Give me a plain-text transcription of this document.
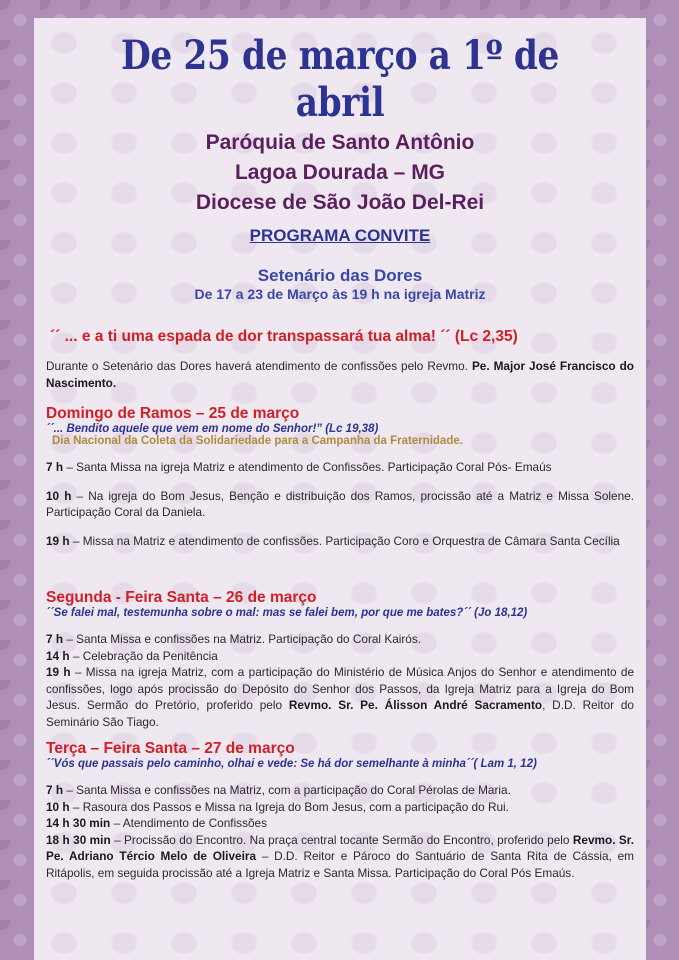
De 25 de março a 1º de abril
Paróquia de Santo Antônio
Lagoa Dourada – MG
Diocese de São João Del-Rei
PROGRAMA CONVITE
Setenário das Dores
De 17 a 23 de Março às 19 h na igreja Matriz
´´ ... e a ti uma espada de dor transpassará tua alma! ´´ (Lc 2,35)

Durante o Setenário das Dores haverá atendimento de confissões pelo Revmo. Pe. Major José Francisco do Nascimento.

Domingo de Ramos – 25 de março
´´... Bendito aquele que vem em nome do Senhor!” (Lc 19,38)
Dia Nacional da Coleta da Solidariedade para a Campanha da Fraternidade.

7 h – Santa Missa na igreja Matriz e atendimento de Confissões. Participação Coral Pós- Emaús

10 h – Na igreja do Bom Jesus, Benção e distribuição dos Ramos, procissão até a Matriz e Missa Solene. Participação Coral da Daniela.

19 h – Missa na Matriz e atendimento de confissões. Participação Coro e Orquestra de Câmara Santa Cecília

Segunda - Feira Santa – 26 de março
´´Se falei mal, testemunha sobre o mal: mas se falei bem, por que me bates?´´ (Jo 18,12)

7 h – Santa Missa e confissões na Matriz. Participação do Coral Kairós.

14 h – Celebração da Penitência

19 h – Missa na igreja Matriz, com a participação do Ministério de Música Anjos do Senhor e atendimento de confissões, logo após procissão do Depósito do Senhor dos Passos, da Igreja Matriz para a Igreja do Bom Jesus. Sermão do Pretório, proferido pelo Revmo. Sr. Pe. Álisson André Sacramento, D.D. Reitor do Seminário São Tiago.

Terça – Feira Santa – 27 de março
´´Vós que passais pelo caminho, olhai e vede: Se há dor semelhante à minha´´( Lam 1, 12)

7 h – Santa Missa e confissões na Matriz, com a participação do Coral Pérolas de Maria.

10 h – Rasoura dos Passos e Missa na Igreja do Bom Jesus, com a participação do Rui.

14 h 30 min – Atendimento de Confissões

18 h 30 min – Procissão do Encontro. Na praça central tocante Sermão do Encontro, proferido pelo Revmo. Sr. Pe. Adriano Tércio Melo de Oliveira – D.D. Reitor e Pároco do Santuário de Santa Rita de Cássia, em Ritápolis, em seguida procissão até a Igreja Matriz e Santa Missa. Participação do Coral Pós Emaús.
